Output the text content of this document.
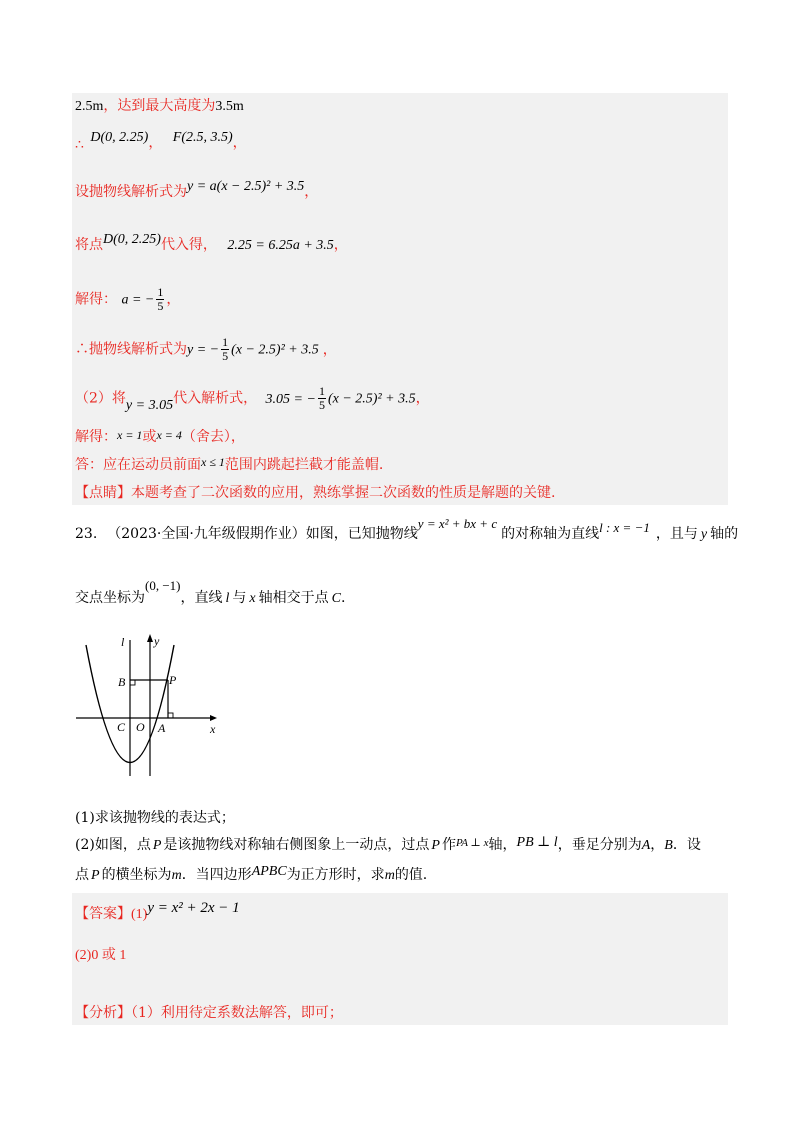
2.5m，达到最大高度为3.5m
∴ D(0, 2.25)， F(2.5, 3.5)，
设抛物线解析式为y = a(x − 2.5)² + 3.5，
将点D(0, 2.25)代入得， 2.25 = 6.25a + 3.5，
解得： a = − $\frac{1}{5}$ ，
∴抛物线解析式为y = − $\frac{1}{5} (x - 2.5)^2 + 3.5$ ，
（2）将y = 3.05代入解析式， 3.05 = − $\frac{1}{5} (x - 2.5)^2 + 3.5$，
解得：x = 1或x = 4（舍去），
答：应在运动员前面x ≤ 1范围内跳起拦截才能盖帽.
【点睛】本题考查了二次函数的应用，熟练掌握二次函数的性质是解题的关键.
23. （2023·全国·九年级假期作业）如图，已知抛物线y = x² + bx + c的对称轴为直线l : x = −1 ，且与 y 轴的
交点坐标为(0, −1)，直线 l 与 x 轴相交于点 C.
l y
B	P
C O A	x
(1)求该抛物线的表达式；
(2)如图，点 P 是该抛物线对称轴右侧图象上一动点，过点 P 作$^{PA \perp x}$轴，PB ⊥ l，垂足分别为A，B．设
点 P 的横坐标为m．当四边形APBC为正方形时，求m的值.
【答案】(1)y = x² + 2x − 1
(2)0 或 1
【分析】（1）利用待定系数法解答，即可；
